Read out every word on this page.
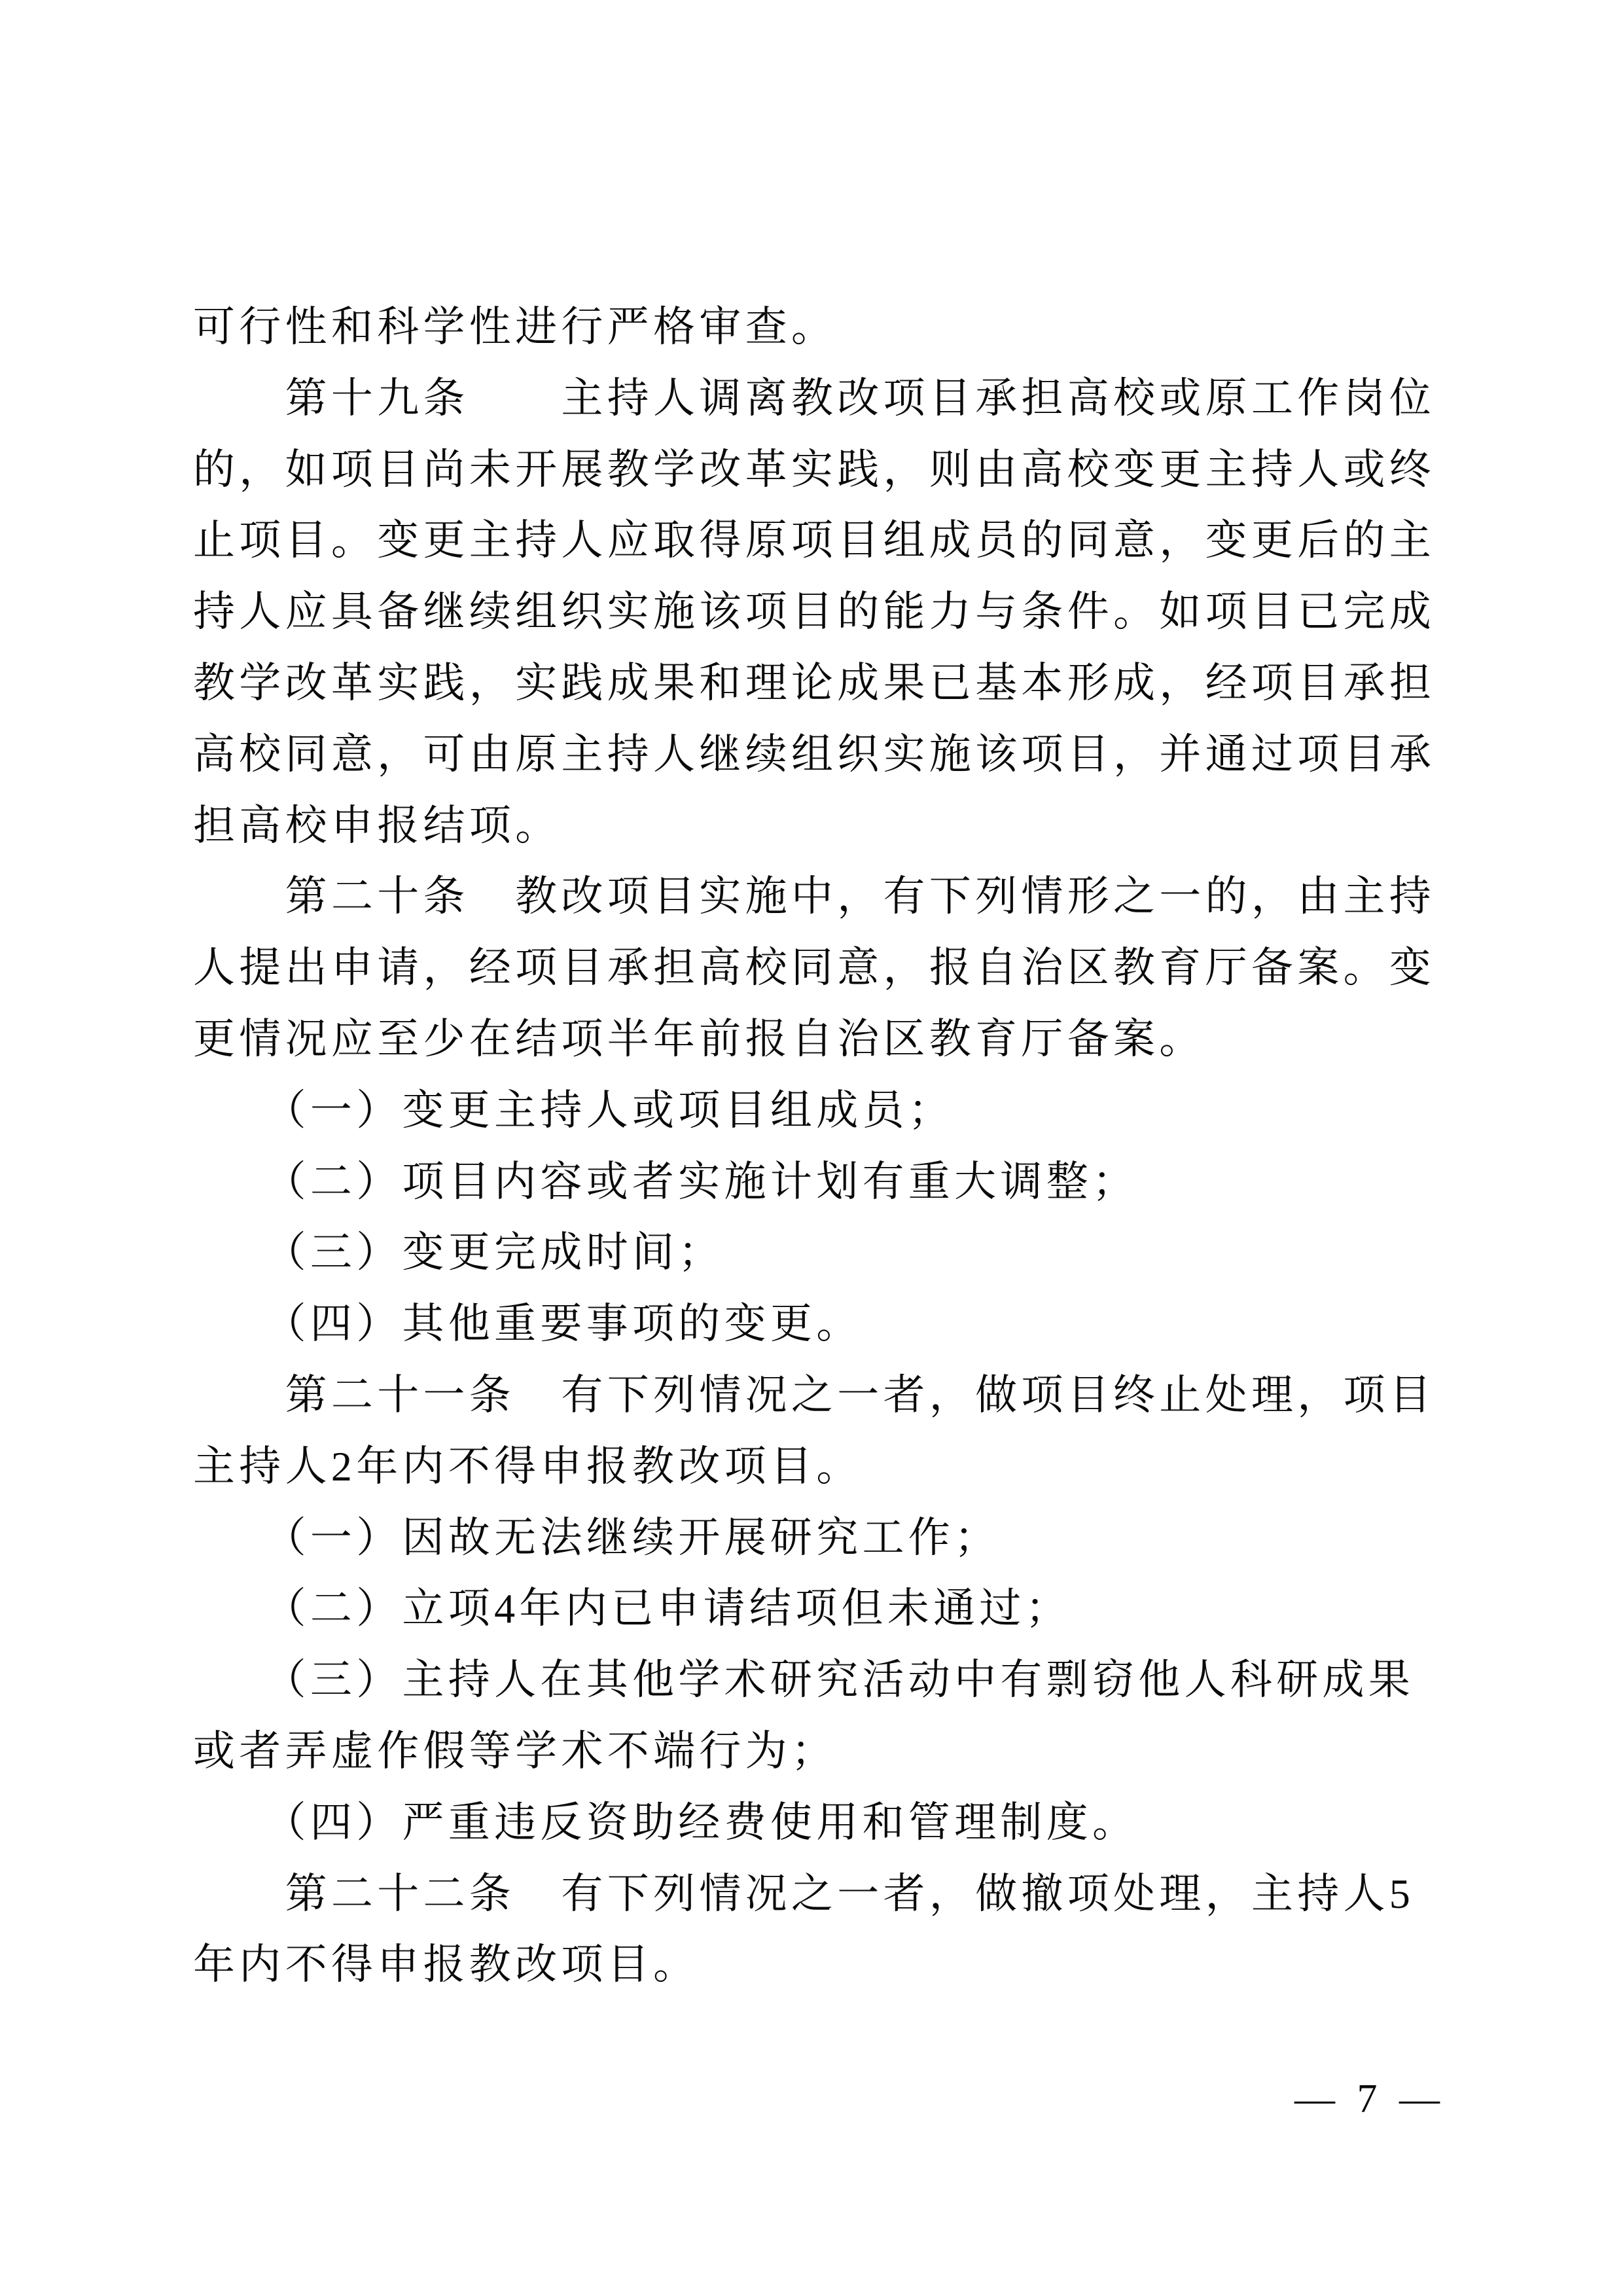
可行性和科学性进行严格审查。
　　第十九条　　主持人调离教改项目承担高校或原工作岗位
的，如项目尚未开展教学改革实践，则由高校变更主持人或终
止项目。变更主持人应取得原项目组成员的同意，变更后的主
持人应具备继续组织实施该项目的能力与条件。如项目已完成
教学改革实践，实践成果和理论成果已基本形成，经项目承担
高校同意，可由原主持人继续组织实施该项目，并通过项目承
担高校申报结项。
　　第二十条　教改项目实施中，有下列情形之一的，由主持
人提出申请，经项目承担高校同意，报自治区教育厅备案。变
更情况应至少在结项半年前报自治区教育厅备案。
　　（一）变更主持人或项目组成员；
　　（二）项目内容或者实施计划有重大调整；
　　（三）变更完成时间；
　　（四）其他重要事项的变更。
　　第二十一条　有下列情况之一者，做项目终止处理，项目
主持人2年内不得申报教改项目。
　　（一）因故无法继续开展研究工作；
　　（二）立项4年内已申请结项但未通过；
　　（三）主持人在其他学术研究活动中有剽窃他人科研成果
或者弄虚作假等学术不端行为；
　　（四）严重违反资助经费使用和管理制度。
　　第二十二条　有下列情况之一者，做撤项处理，主持人5
年内不得申报教改项目。

— 7 —
